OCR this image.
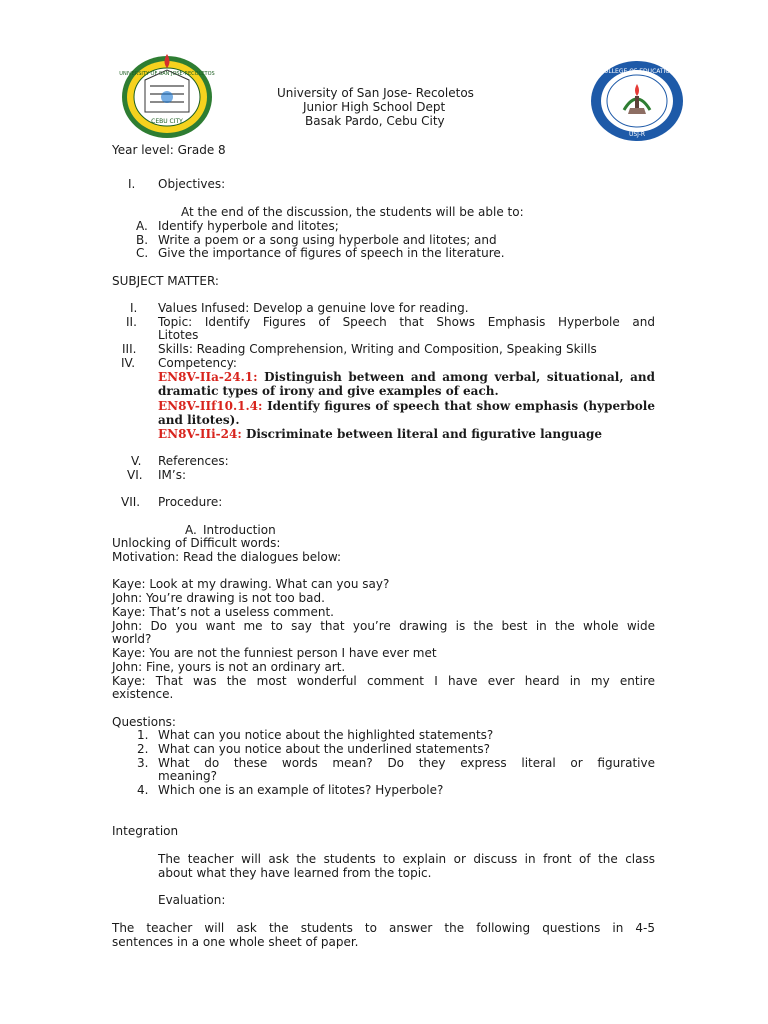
UNIVERSITY OF SAN JOSE-RECOLETOS
CEBU CITY
COLLEGE OF EDUCATION
USJ-R
University of San Jose- Recoletos
Junior High School Dept
Basak Pardo, Cebu City
Year level: Grade 8
I. Objectives:
At the end of the discussion, the students will be able to:
A. Identify hyperbole and litotes;
B. Write a poem or a song using hyperbole and litotes; and
C. Give the importance of figures of speech in the literature.
SUBJECT MATTER:
I. Values Infused: Develop a genuine love for reading.
II. Topic: Identify Figures of Speech that Shows Emphasis Hyperbole and
Litotes
III. Skills: Reading Comprehension, Writing and Composition, Speaking Skills
IV. Competency:
EN8V-IIa-24.1: Distinguish between and among verbal, situational, and
dramatic types of irony and give examples of each.
EN8V-IIf10.1.4: Identify figures of speech that show emphasis (hyperbole
and litotes).
EN8V-IIi-24: Discriminate between literal and figurative language
V. References:
VI. IM’s:
VII. Procedure:
A. Introduction
Unlocking of Difficult words:
Motivation: Read the dialogues below:
Kaye: Look at my drawing. What can you say?
John: You’re drawing is not too bad.
Kaye: That’s not a useless comment.
John: Do you want me to say that you’re drawing is the best in the whole wide
world?
Kaye: You are not the funniest person I have ever met
John: Fine, yours is not an ordinary art.
Kaye: That was the most wonderful comment I have ever heard in my entire
existence.
Questions:
1. What can you notice about the highlighted statements?
2. What can you notice about the underlined statements?
3. What do these words mean? Do they express literal or figurative
meaning?
4. Which one is an example of litotes? Hyperbole?
Integration
The teacher will ask the students to explain or discuss in front of the class
about what they have learned from the topic.
Evaluation:
The teacher will ask the students to answer the following questions in 4-5
sentences in a one whole sheet of paper.
